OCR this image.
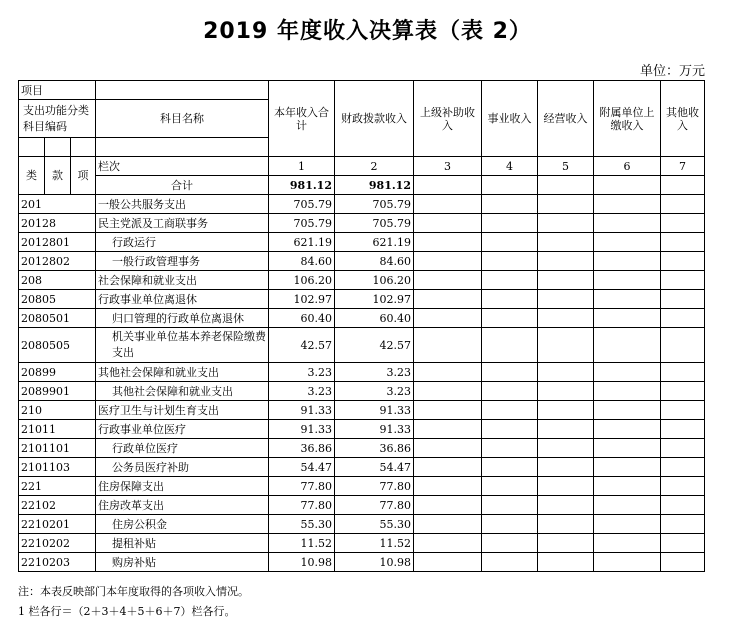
2019 年度收入决算表（表 2）
单位：万元
项目				本年收入合计	财政拨款收入	上级补助收入	事业收入	经营收入	附属单位上缴收入	其他收入
支出功能分类科目编码			科目名称							

类	款	项	栏次	1	2	3	4	5	6	7
			合计	981.12	981.12					
201			一般公共服务支出	705.79	705.79					
20128			民主党派及工商联事务	705.79	705.79					
2012801			行政运行	621.19	621.19					
2012802			一般行政管理事务	84.60	84.60					
208			社会保障和就业支出	106.20	106.20					
20805			行政事业单位离退休	102.97	102.97					
2080501			归口管理的行政单位离退休	60.40	60.40					
2080505			机关事业单位基本养老保险缴费支出	42.57	42.57					
20899			其他社会保障和就业支出	3.23	3.23					
2089901			其他社会保障和就业支出	3.23	3.23					
210			医疗卫生与计划生育支出	91.33	91.33					
21011			行政事业单位医疗	91.33	91.33					
2101101			行政单位医疗	36.86	36.86					
2101103			公务员医疗补助	54.47	54.47					
221			住房保障支出	77.80	77.80					
22102			住房改革支出	77.80	77.80					
2210201			住房公积金	55.30	55.30					
2210202			提租补贴	11.52	11.52					
2210203			购房补贴	10.98	10.98					
注：本表反映部门本年度取得的各项收入情况。
1 栏各行＝（2＋3＋4＋5＋6＋7）栏各行。
